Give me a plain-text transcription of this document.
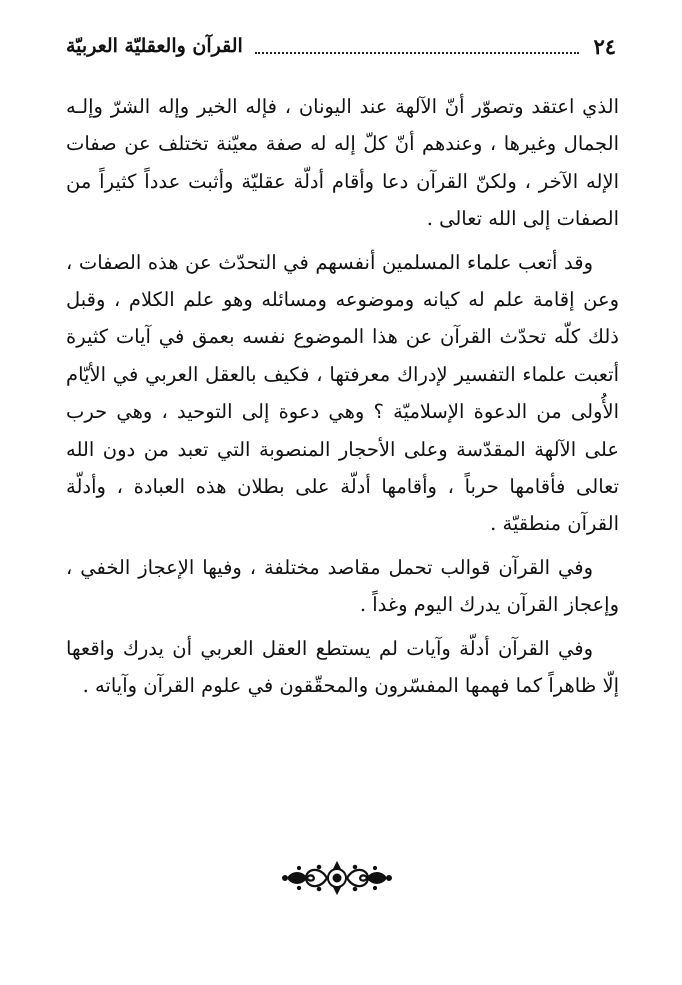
٢٤
القرآن والعقليّة العربيّة

الذي اعتقد وتصوّر أنّ الآلهة عند اليونان ، فإله الخير وإله الشرّ وإلـه الجمال وغيرها ، وعندهم أنّ كلّ إله له صفة معيّنة تختلف عن صفات الإله الآخر ، ولكنّ القرآن دعا وأقام أدلّة عقليّة وأثبت عدداً كثيراً من الصفات إلى الله تعالى .

وقد أتعب علماء المسلمين أنفسهم في التحدّث عن هذه الصفات ، وعن إقامة علم له كيانه وموضوعه ومسائله وهو علم الكلام ، وقبل ذلك كلّه تحدّث القرآن عن هذا الموضوع نفسه بعمق في آيات كثيرة أتعبت علماء التفسير لإدراك معرفتها ، فكيف بالعقل العربي في الأيّام الأُولى من الدعوة الإسلاميّة ؟ وهي دعوة إلى التوحيد ، وهي حرب على الآلهة المقدّسة وعلى الأحجار المنصوبة التي تعبد من دون الله تعالى فأقامها حرباً ، وأقامها أدلّة على بطلان هذه العبادة ، وأدلّة القرآن منطقيّة .

وفي القرآن قوالب تحمل مقاصد مختلفة ، وفيها الإعجاز الخفي ، وإعجاز القرآن يدرك اليوم وغداً .

وفي القرآن أدلّة وآيات لم يستطع العقل العربي أن يدرك واقعها إلّا ظاهراً كما فهمها المفسّرون والمحقّقون في علوم القرآن وآياته .
